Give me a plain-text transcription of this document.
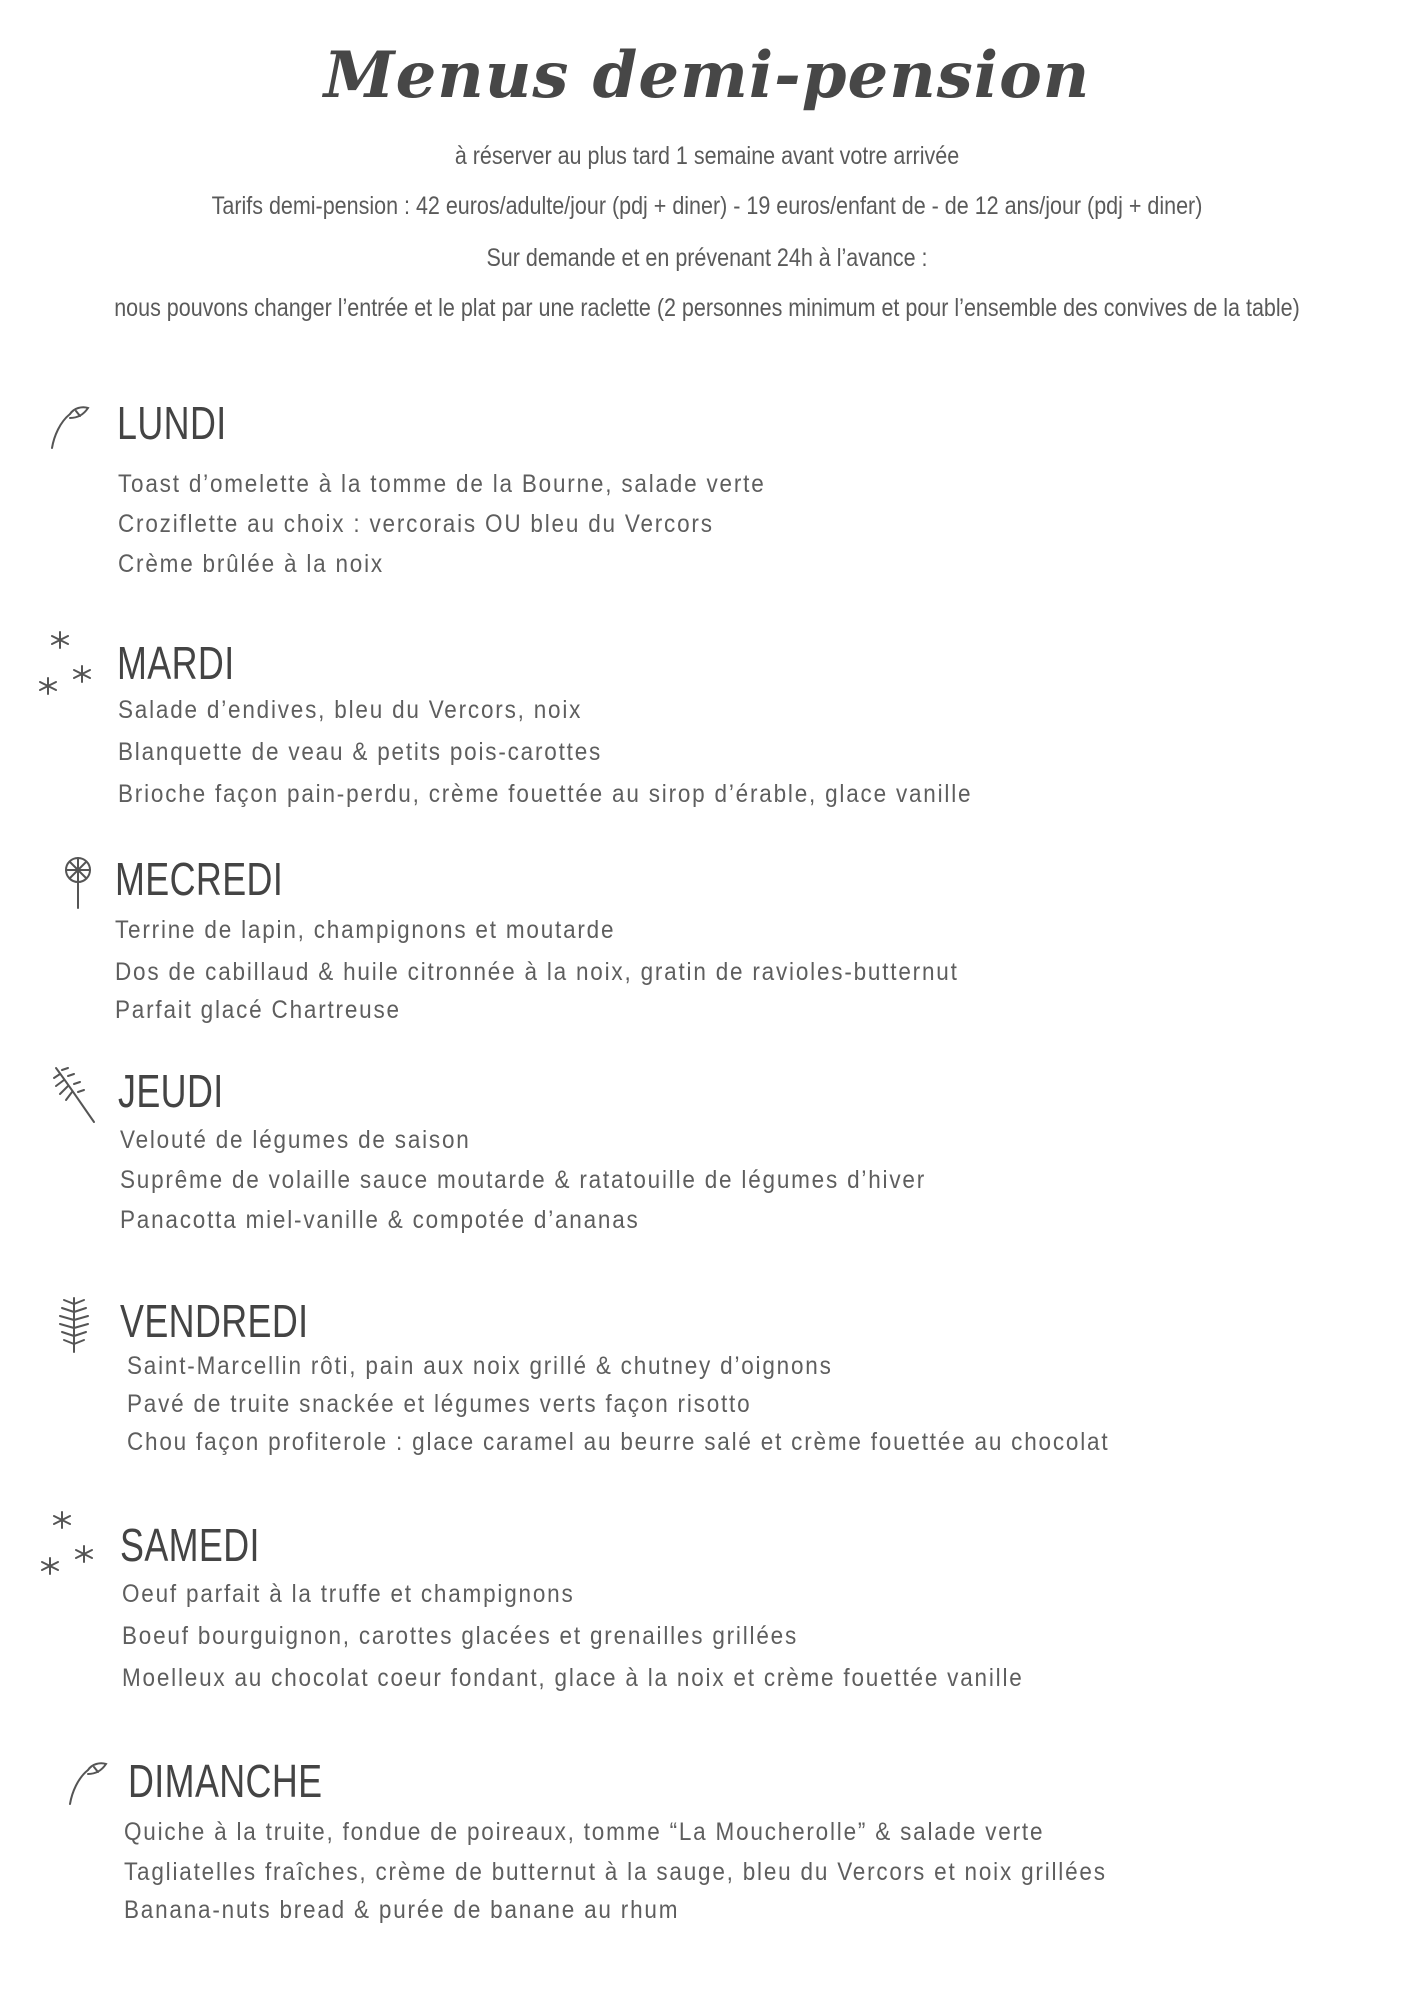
Menus demi-pension
à réserver au plus tard 1 semaine avant votre arrivée
Tarifs demi-pension : 42 euros/adulte/jour (pdj + diner) - 19 euros/enfant de - de 12 ans/jour (pdj + diner)
Sur demande et en prévenant 24h à l’avance :
nous pouvons changer l’entrée et le plat par une raclette (2 personnes minimum et pour l’ensemble des convives de la table)
LUNDI
Toast d’omelette à la tomme de la Bourne, salade verte
Croziflette au choix : vercorais OU bleu du Vercors
Crème brûlée à la noix
MARDI
Salade d’endives, bleu du Vercors, noix
Blanquette de veau & petits pois-carottes
Brioche façon pain-perdu, crème fouettée au sirop d’érable, glace vanille
MECREDI
Terrine de lapin, champignons et moutarde
Dos de cabillaud & huile citronnée à la noix, gratin de ravioles-butternut
Parfait glacé Chartreuse
JEUDI
Velouté de légumes de saison
Suprême de volaille sauce moutarde & ratatouille de légumes d’hiver
Panacotta miel-vanille & compotée d’ananas
VENDREDI
Saint-Marcellin rôti, pain aux noix grillé & chutney d’oignons
Pavé de truite snackée et légumes verts façon risotto
Chou façon profiterole : glace caramel au beurre salé et crème fouettée au chocolat
SAMEDI
Oeuf parfait à la truffe et champignons
Boeuf bourguignon, carottes glacées et grenailles grillées
Moelleux au chocolat coeur fondant, glace à la noix et crème fouettée vanille
DIMANCHE
Quiche à la truite, fondue de poireaux, tomme “La Moucherolle” & salade verte
Tagliatelles fraîches, crème de butternut à la sauge, bleu du Vercors et noix grillées
Banana-nuts bread & purée de banane au rhum
